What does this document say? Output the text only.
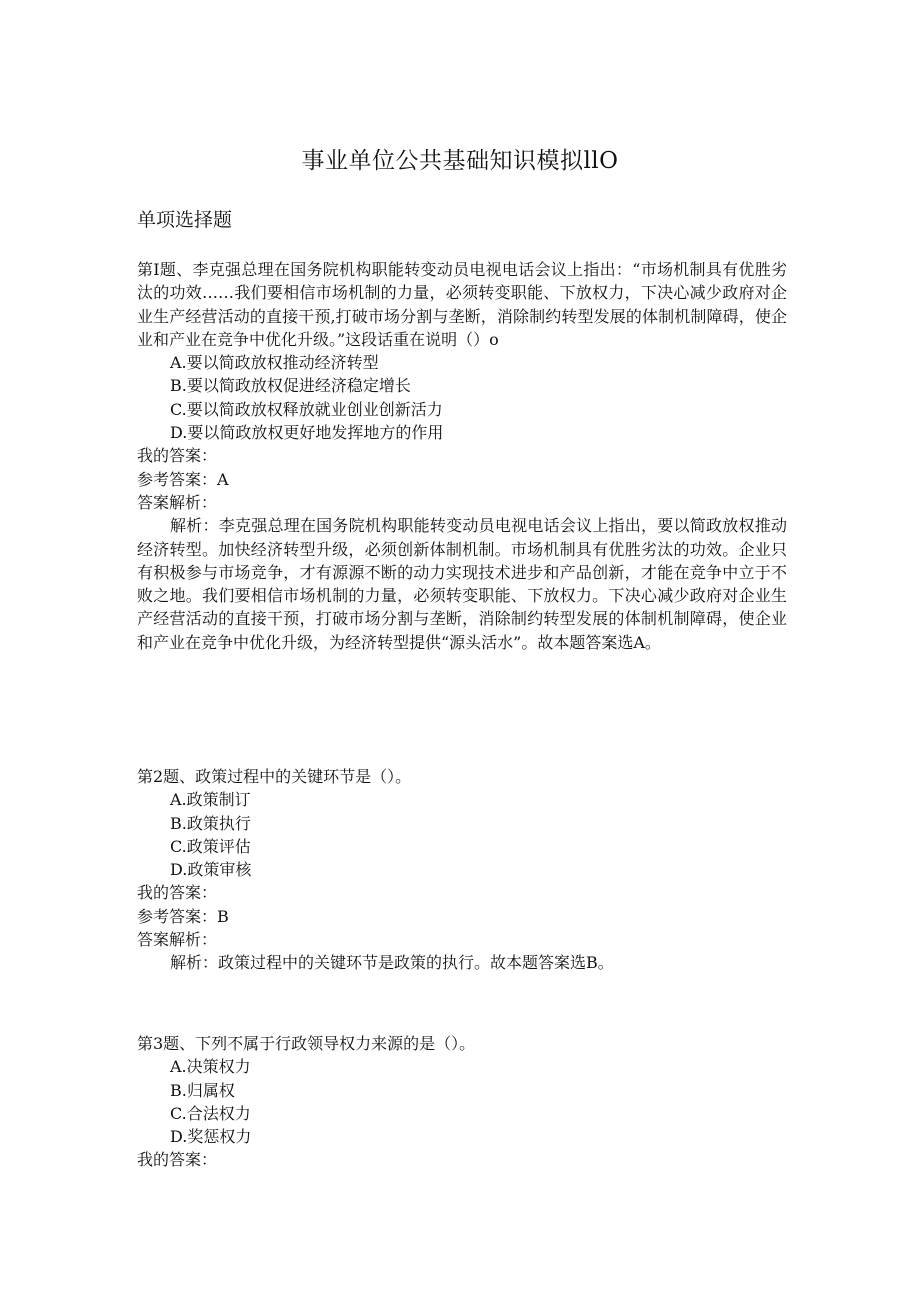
事业单位公共基础知识模拟llO
单项选择题

第I题、李克强总理在国务院机构职能转变动员电视电话会议上指出：“市场机制具有优胜劣汰的功效……我们要相信市场机制的力量，必须转变职能、下放权力，下决心减少政府对企业生产经营活动的直接干预,打破市场分割与垄断，消除制约转型发展的体制机制障碍，使企业和产业在竞争中优化升级。”这段话重在说明（）o

A.要以简政放权推动经济转型

B.要以简政放权促进经济稳定增长

C.要以简政放权释放就业创业创新活力

D.要以简政放权更好地发挥地方的作用

我的答案：

参考答案：A

答案解析：

解析：李克强总理在国务院机构职能转变动员电视电话会议上指出，要以简政放权推动经济转型。加快经济转型升级，必须创新体制机制。市场机制具有优胜劣汰的功效。企业只有积极参与市场竞争，才有源源不断的动力实现技术进步和产品创新，才能在竞争中立于不败之地。我们要相信市场机制的力量，必须转变职能、下放权力。下决心减少政府对企业生产经营活动的直接干预，打破市场分割与垄断，消除制约转型发展的体制机制障碍，使企业和产业在竞争中优化升级，为经济转型提供“源头活水”。故本题答案选A。

第2题、政策过程中的关键环节是（）。

A.政策制订

B.政策执行

C.政策评估

D.政策审核

我的答案：

参考答案：B

答案解析：

解析：政策过程中的关键环节是政策的执行。故本题答案选B。

第3题、下列不属于行政领导权力来源的是（）。

A.决策权力

B.归属权

C.合法权力

D.奖惩权力

我的答案：
